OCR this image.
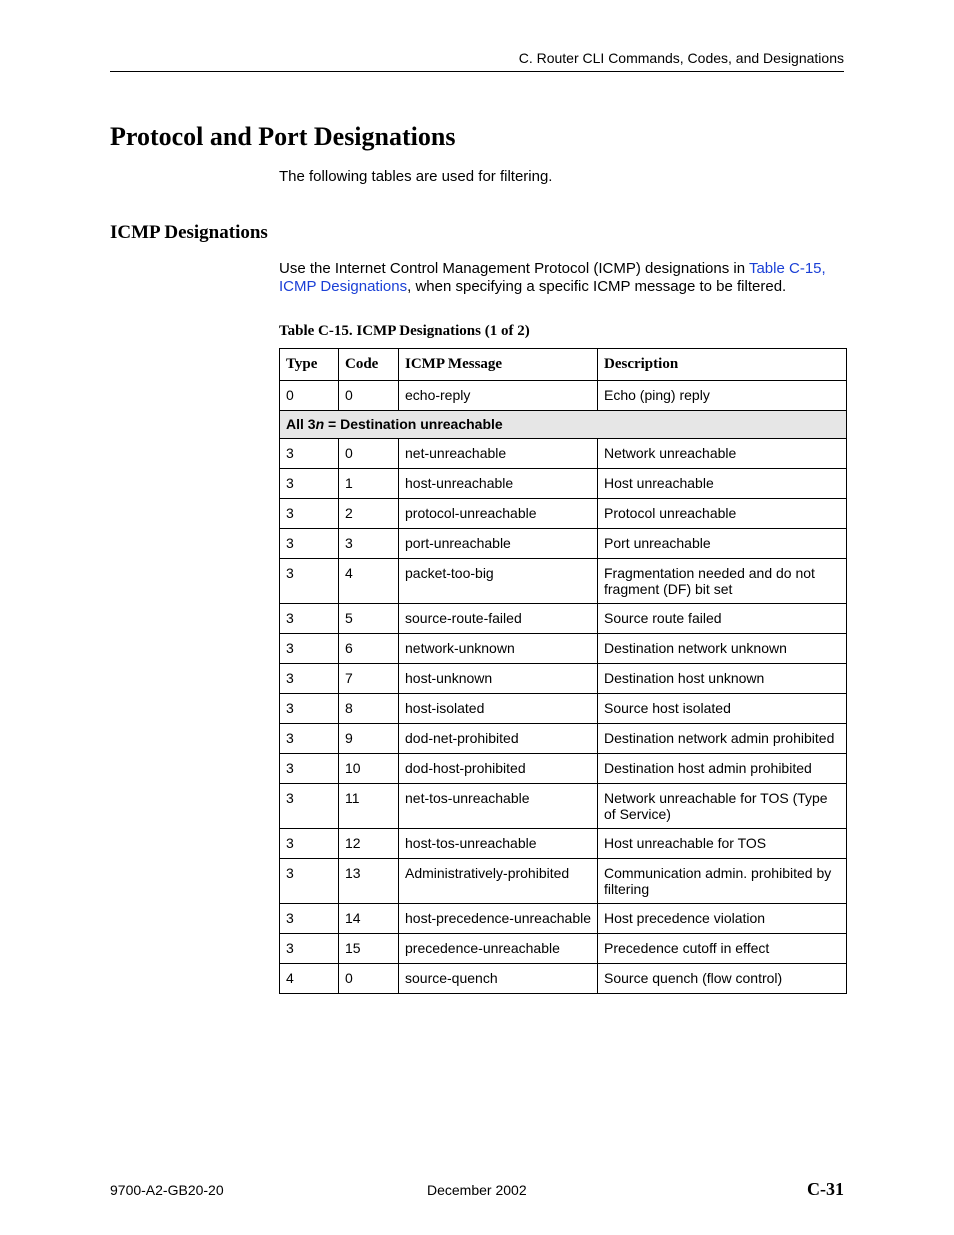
C. Router CLI Commands, Codes, and Designations
Protocol and Port Designations

The following tables are used for filtering.

ICMP Designations

Use the Internet Control Management Protocol (ICMP) designations in Table C-15, ICMP Designations, when specifying a specific ICMP message to be filtered.

Table C-15. ICMP Designations (1 of 2)

Type	Code	ICMP Message	Description
0	0	echo-reply	Echo (ping) reply
All 3n = Destination unreachable			
3	0	net-unreachable	Network unreachable
3	1	host-unreachable	Host unreachable
3	2	protocol-unreachable	Protocol unreachable
3	3	port-unreachable	Port unreachable
3	4	packet-too-big	Fragmentation needed and do not fragment (DF) bit set
3	5	source-route-failed	Source route failed
3	6	network-unknown	Destination network unknown
3	7	host-unknown	Destination host unknown
3	8	host-isolated	Source host isolated
3	9	dod-net-prohibited	Destination network admin prohibited
3	10	dod-host-prohibited	Destination host admin prohibited
3	11	net-tos-unreachable	Network unreachable for TOS (Type of Service)
3	12	host-tos-unreachable	Host unreachable for TOS
3	13	Administratively-prohibited	Communication admin. prohibited by filtering
3	14	host-precedence-unreachable	Host precedence violation
3	15	precedence-unreachable	Precedence cutoff in effect
4	0	source-quench	Source quench (flow control)
9700-A2-GB20-20	December 2002	C-31
